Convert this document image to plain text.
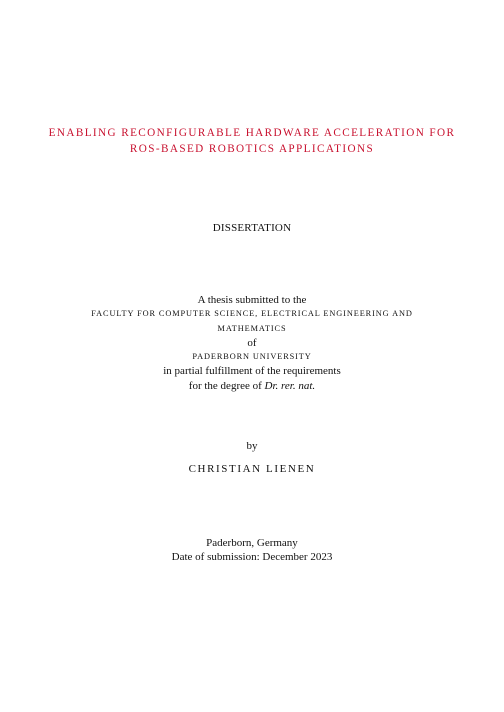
ENABLING RECONFIGURABLE HARDWARE ACCELERATION FOR
ROS-BASED ROBOTICS APPLICATIONS
DISSERTATION
A thesis submitted to the
FACULTY FOR COMPUTER SCIENCE, ELECTRICAL ENGINEERING AND
MATHEMATICS
of
PADERBORN UNIVERSITY
in partial fulfillment of the requirements
for the degree of Dr. rer. nat.
by
CHRISTIAN LIENEN
Paderborn, Germany
Date of submission: December 2023
